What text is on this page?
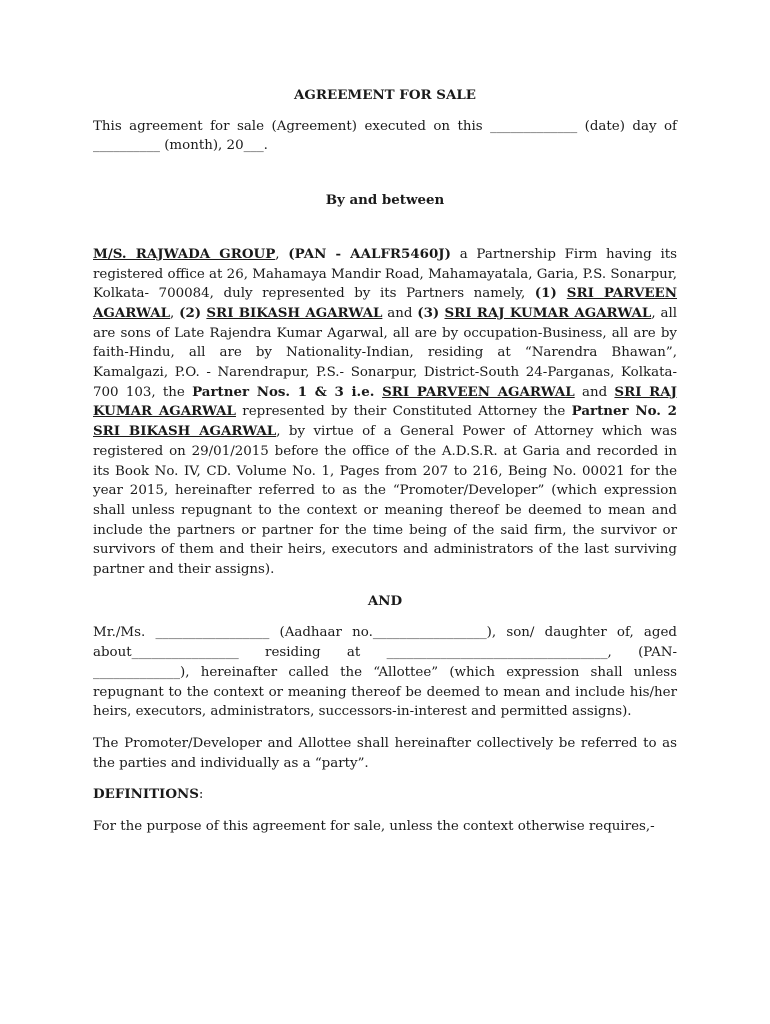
AGREEMENT FOR SALE

This agreement for sale (Agreement) executed on this _____________ (date) day of __________ (month), 20___.

By and between

M/S. RAJWADA GROUP, (PAN - AALFR5460J) a Partnership Firm having its registered office at 26, Mahamaya Mandir Road, Mahamayatala, Garia, P.S. Sonarpur, Kolkata- 700084, duly represented by its Partners namely, (1) SRI PARVEEN AGARWAL, (2) SRI BIKASH AGARWAL and (3) SRI RAJ KUMAR AGARWAL, all are sons of Late Rajendra Kumar Agarwal, all are by occupation-Business, all are by faith-Hindu, all are by Nationality-Indian, residing at “Narendra Bhawan”, Kamalgazi, P.O. - Narendrapur, P.S.- Sonarpur, District-South 24-Parganas, Kolkata- 700 103, the Partner Nos. 1 & 3 i.e. SRI PARVEEN AGARWAL and SRI RAJ KUMAR AGARWAL represented by their Constituted Attorney the Partner No. 2 SRI BIKASH AGARWAL, by virtue of a General Power of Attorney which was registered on 29/01/2015 before the office of the A.D.S.R. at Garia and recorded in its Book No. IV, CD. Volume No. 1, Pages from 207 to 216, Being No. 00021 for the year 2015, hereinafter referred to as the “Promoter/Developer” (which expression shall unless repugnant to the context or meaning thereof be deemed to mean and include the partners or partner for the time being of the said firm, the survivor or survivors of them and their heirs, executors and administrators of the last surviving partner and their assigns).

AND

Mr./Ms. _________________ (Aadhaar no._________________), son/ daughter of, aged about________________ residing at _________________________________, (PAN-_____________), hereinafter called the “Allottee” (which expression shall unless repugnant to the context or meaning thereof be deemed to mean and include his/her heirs, executors, administrators, successors-in-interest and permitted assigns).

The Promoter/Developer and Allottee shall hereinafter collectively be referred to as the parties and individually as a “party”.

DEFINITIONS:

For the purpose of this agreement for sale, unless the context otherwise requires,-
